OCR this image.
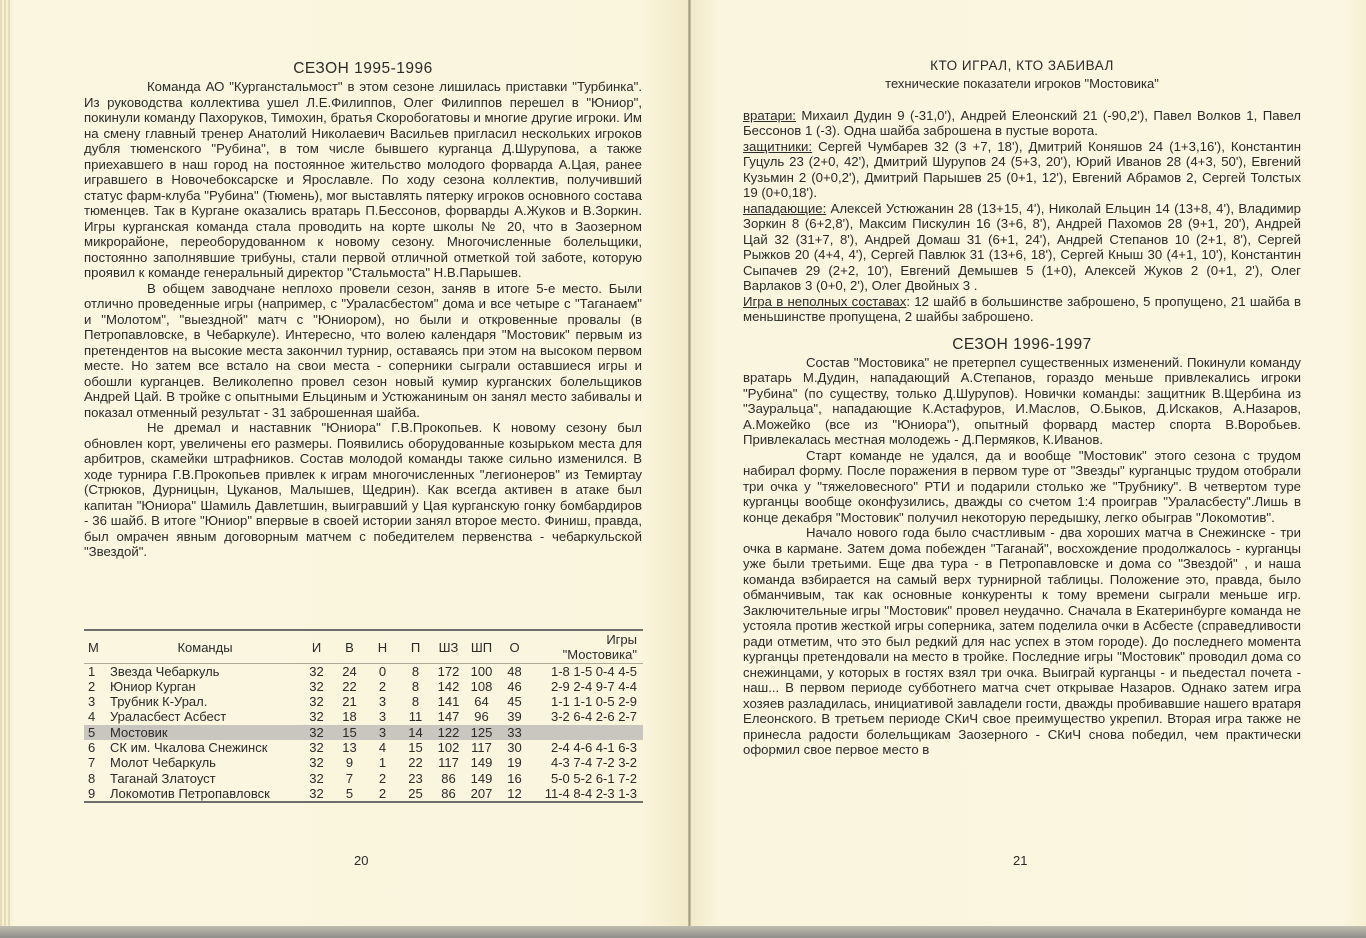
СЕЗОН 1995-1996

Команда АО "Курганстальмост" в этом сезоне лишилась приставки "Турбинка". Из руководства коллектива ушел Л.Е.Филиппов, Олег Филиппов перешел в "Юниор", покинули команду Пахоруков, Тимохин, братья Скоробогатовы и многие другие игроки. Им на смену главный тренер Анатолий Николаевич Васильев пригласил нескольких игроков дубля тюменского "Рубина", в том числе бывшего курганца Д.Шурупова, а также приехавшего в наш город на постоянное жительство молодого форварда А.Цая, ранее игравшего в Новочебоксарске и Ярославле. По ходу сезона коллектив, получивший статус фарм-клуба "Рубина" (Тюмень), мог выставлять пятерку игроков основного состава тюменцев. Так в Кургане оказались вратарь П.Бессонов, форварды А.Жуков и В.Зоркин. Игры курганская команда стала проводить на корте школы № 20, что в Заозерном микрорайоне, переоборудованном к новому сезону. Многочисленные болельщики, постоянно заполнявшие трибуны, стали первой отличной отметкой той заботе, которую проявил к команде генеральный директор "Стальмоста" Н.В.Парышев.

В общем заводчане неплохо провели сезон, заняв в итоге 5-е место. Были отлично проведенные игры (например, с "Ураласбестом" дома и все четыре с "Таганаем" и "Молотом", "выездной" матч с "Юниором), но были и откровенные провалы (в Петропавловске, в Чебаркуле). Интересно, что волею календаря "Мостовик" первым из претендентов на высокие места закончил турнир, оставаясь при этом на высоком первом месте. Но затем все встало на свои места - соперники сыграли оставшиеся игры и обошли курганцев. Великолепно провел сезон новый кумир курганских болельщиков Андрей Цай. В тройке с опытными Ельциным и Устюжаниным он занял место забивалы и показал отменный результат - 31 заброшенная шайба.

Не дремал и наставник "Юниора" Г.В.Прокопьев. К новому сезону был обновлен корт, увеличены его размеры. Появились оборудованные козырьком места для арбитров, скамейки штрафников. Состав молодой команды также сильно изменился. В ходе турнира Г.В.Прокопьев привлек к играм многочисленных "легионеров" из Темиртау (Стрюков, Дурницын, Цуканов, Малышев, Щедрин). Как всегда активен в атаке был капитан "Юниора" Шамиль Давлетшин, выигравший у Цая курганскую гонку бомбардиров - 36 шайб. В итоге "Юниор" впервые в своей истории занял второе место. Финиш, правда, был омрачен явным договорным матчем с победителем первенства - чебаркульской "Звездой".

М	Команды	И	В	Н	П	ШЗ	ШП	О	Игры "Мостовика"
1	Звезда Чебаркуль	32	24	0	8	172	100	48	1-8 1-5 0-4 4-5
2	Юниор Курган	32	22	2	8	142	108	46	2-9 2-4 9-7 4-4
3	Трубник К-Урал.	32	21	3	8	141	64	45	1-1 1-1 0-5 2-9
4	Ураласбест Асбест	32	18	3	11	147	96	39	3-2 6-4 2-6 2-7
5	Мостовик	32	15	3	14	122	125	33	
6	СК им. Чкалова Снежинск	32	13	4	15	102	117	30	2-4 4-6 4-1 6-3
7	Молот Чебаркуль	32	9	1	22	117	149	19	4-3 7-4 7-2 3-2
8	Таганай Златоуст	32	7	2	23	86	149	16	5-0 5-2 6-1 7-2
9	Локомотив Петропавловск	32	5	2	25	86	207	12	11-4 8-4 2-3 1-3
20
КТО ИГРАЛ, КТО ЗАБИВАЛ
технические показатели игроков "Мостовика"

вратари: Михаил Дудин 9 (-31,0'), Андрей Елеонский 21 (-90,2'), Павел Волков 1, Павел Бессонов 1 (-3). Одна шайба заброшена в пустые ворота.

защитники: Сергей Чумбарев 32 (3 +7, 18'), Дмитрий Коняшов 24 (1+3,16'), Константин Гуцуль 23 (2+0, 42'), Дмитрий Шурупов 24 (5+3, 20'), Юрий Иванов 28 (4+3, 50'), Евгений Кузьмин 2 (0+0,2'), Дмитрий Парышев 25 (0+1, 12'), Евгений Абрамов 2, Сергей Толстых 19 (0+0,18').

нападающие: Алексей Устюжанин 28 (13+15, 4'), Николай Ельцин 14 (13+8, 4'), Владимир Зоркин 8 (6+2,8'), Максим Пискулин 16 (3+6, 8'), Андрей Пахомов 28 (9+1, 20'), Андрей Цай 32 (31+7, 8'), Андрей Домаш 31 (6+1, 24'), Андрей Степанов 10 (2+1, 8'), Сергей Рыжков 20 (4+4, 4'), Сергей Павлюк 31 (13+6, 18'), Сергей Кныш 30 (4+1, 10'), Константин Сыпачев 29 (2+2, 10'), Евгений Демышев 5 (1+0), Алексей Жуков 2 (0+1, 2'), Олег Варлаков 3 (0+0, 2'), Олег Двойных 3 .

Игра в неполных составах: 12 шайб в большинстве заброшено, 5 пропущено, 21 шайба в меньшинстве пропущена, 2 шайбы заброшено.

СЕЗОН 1996-1997

Состав "Мостовика" не претерпел существенных изменений. Покинули команду вратарь М.Дудин, нападающий А.Степанов, гораздо меньше привлекались игроки "Рубина" (по существу, только Д.Шурупов). Новички команды: защитник В.Щербина из "Зауральца", нападающие К.Астафуров, И.Маслов, О.Быков, Д.Искаков, А.Назаров, А.Можейко (все из "Юниора"), опытный форвард мастер спорта В.Воробьев. Привлекалась местная молодежь - Д.Пермяков, К.Иванов.

Старт команде не удался, да и вообще "Мостовик" этого сезона с трудом набирал форму. После поражения в первом туре от "Звезды" курганцыс трудом отобрали три очка у "тяжеловесного" РТИ и подарили столько же "Трубнику". В четвертом туре курганцы вообще оконфузились, дважды со счетом 1:4 проиграв "Ураласбесту".Лишь в конце декабря "Мостовик" получил некоторую передышку, легко обыграв "Локомотив".

Начало нового года было счастливым - два хороших матча в Снежинске - три очка в кармане. Затем дома побежден "Таганай", восхождение продолжалось - курганцы уже были третьими. Еще два тура - в Петропавловске и дома со "Звездой" , и наша команда взбирается на самый верх турнирной таблицы. Положение это, правда, было обманчивым, так как основные конкуренты к тому времени сыграли меньше игр. Заключительные игры "Мостовик" провел неудачно. Сначала в Екатеринбурге команда не устояла против жесткой игры соперника, затем поделила очки в Асбесте (справедливости ради отметим, что это был редкий для нас успех в этом городе). До последнего момента курганцы претендовали на место в тройке. Последние игры "Мостовик" проводил дома со снежинцами, у которых в гостях взял три очка. Выиграй курганцы - и пьедестал почета - наш... В первом периоде субботнего матча счет открывае Назаров. Однако затем игра хозяев разладилась, инициативой завладели гости, дважды пробивавшие нашего вратаря Елеонского. В третьем периоде СКиЧ свое преимущество укрепил. Вторая игра также не принесла радости болельщикам Заозерного - СКиЧ снова победил, чем практически оформил свое первое место в

21
